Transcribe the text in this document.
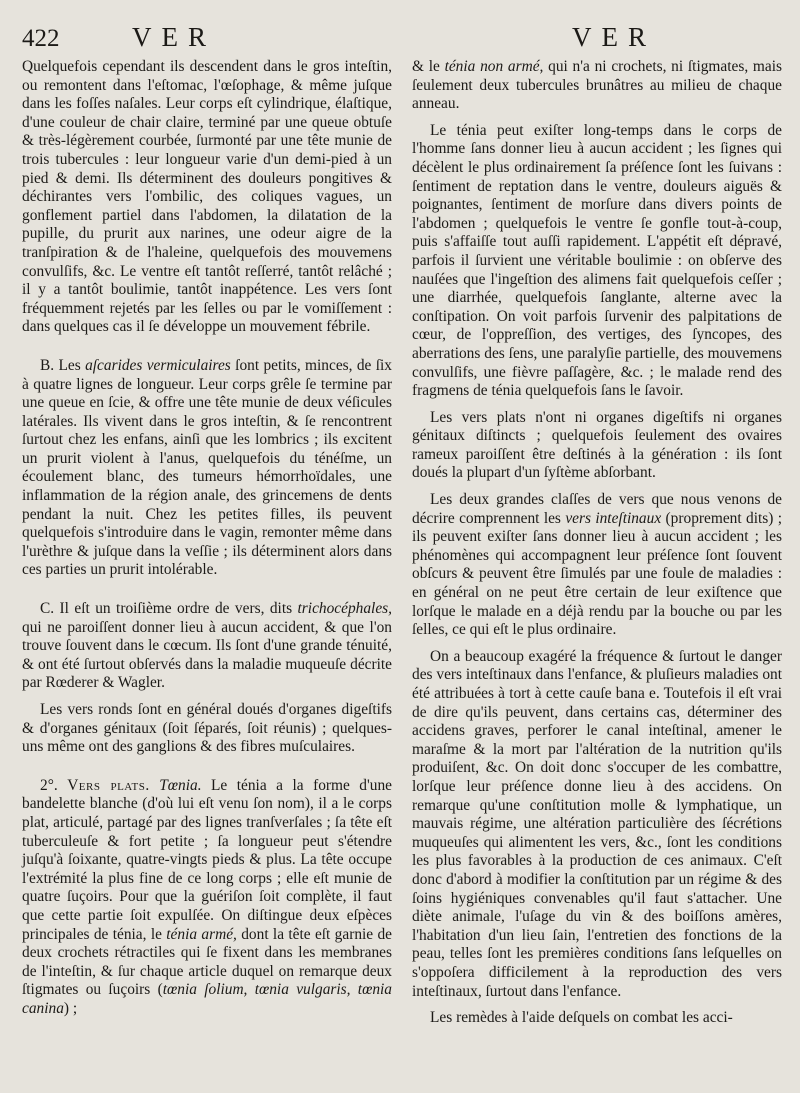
422	VER	VER

Quelquefois cependant ils descendent dans le gros inteſtin, ou remontent dans l'eſtomac, l'œſophage, & même juſque dans les foſſes naſales. Leur corps eſt cylindrique, élaſtique, d'une couleur de chair claire, terminé par une queue obtuſe & très-légèrement courbée, ſurmonté par une tête munie de trois tubercules : leur longueur varie d'un demi-pied à un pied & demi. Ils déterminent des douleurs pongitives & déchirantes vers l'ombilic, des coliques vagues, un gonflement partiel dans l'abdomen, la dilatation de la pupille, du prurit aux narines, une odeur aigre de la tranſpiration & de l'haleine, quelquefois des mouvemens convulſifs, &c. Le ventre eſt tantôt reſſerré, tantôt relâché ; il y a tantôt boulimie, tantôt inappétence. Les vers ſont fréquemment rejetés par les ſelles ou par le vomiſſement : dans quelques cas il ſe développe un mouvement fébrile.

B. Les aſcarides vermiculaires ſont petits, minces, de ſix à quatre lignes de longueur. Leur corps grêle ſe termine par une queue en ſcie, & offre une tête munie de deux véſicules latérales. Ils vivent dans le gros inteſtin, & ſe rencontrent ſurtout chez les enfans, ainſi que les lombrics ; ils excitent un prurit violent à l'anus, quelquefois du ténéſme, un écoulement blanc, des tumeurs hémorrhoïdales, une inflammation de la région anale, des grincemens de dents pendant la nuit. Chez les petites filles, ils peuvent quelquefois s'introduire dans le vagin, remonter même dans l'urèthre & juſque dans la veſſie ; ils déterminent alors dans ces parties un prurit intolérable.

C. Il eſt un troiſième ordre de vers, dits trichocéphales, qui ne paroiſſent donner lieu à aucun accident, & que l'on trouve ſouvent dans le cœcum. Ils ſont d'une grande ténuité, & ont été ſurtout obſervés dans la maladie muqueuſe décrite par Rœderer & Wagler.

Les vers ronds ſont en général doués d'organes digeſtifs & d'organes génitaux (ſoit ſéparés, ſoit réunis) ; quelques-uns même ont des ganglions & des fibres muſculaires.

2°. Vers plats. Tœnia. Le ténia a la forme d'une bandelette blanche (d'où lui eſt venu ſon nom), il a le corps plat, articulé, partagé par des lignes tranſverſales ; ſa tête eſt tuberculeuſe & fort petite ; ſa longueur peut s'étendre juſqu'à ſoixante, quatre-vingts pieds & plus. La tête occupe l'extrémité la plus fine de ce long corps ; elle eſt munie de quatre ſuçoirs. Pour que la guériſon ſoit complète, il faut que cette partie ſoit expulſée. On diſtingue deux eſpèces principales de ténia, le ténia armé, dont la tête eſt garnie de deux crochets rétractiles qui ſe fixent dans les membranes de l'inteſtin, & ſur chaque article duquel on remarque deux ſtigmates ou ſuçoirs (tœnia ſolium, tœnia vulgaris, tœnia canina) ;

& le ténia non armé, qui n'a ni crochets, ni ſtigmates, mais ſeulement deux tubercules brunâtres au milieu de chaque anneau.

Le ténia peut exiſter long-temps dans le corps de l'homme ſans donner lieu à aucun accident ; les ſignes qui décèlent le plus ordinairement ſa préſence ſont les ſuivans : ſentiment de reptation dans le ventre, douleurs aiguës & poignantes, ſentiment de morſure dans divers points de l'abdomen ; quelquefois le ventre ſe gonfle tout-à-coup, puis s'affaiſſe tout auſſi rapidement. L'appétit eſt dépravé, parfois il ſurvient une véritable boulimie : on obſerve des nauſées que l'ingeſtion des alimens fait quelquefois ceſſer ; une diarrhée, quelquefois ſanglante, alterne avec la conſtipation. On voit parfois ſurvenir des palpitations de cœur, de l'oppreſſion, des vertiges, des ſyncopes, des aberrations des ſens, une paralyſie partielle, des mouvemens convulſifs, une fièvre paſſagère, &c. ; le malade rend des fragmens de ténia quelquefois ſans le ſavoir.

Les vers plats n'ont ni organes digeſtifs ni organes génitaux diſtincts ; quelquefois ſeulement des ovaires rameux paroiſſent être deſtinés à la génération : ils ſont doués la plupart d'un ſyſtème abſorbant.

Les deux grandes claſſes de vers que nous venons de décrire comprennent les vers inteſtinaux (proprement dits) ; ils peuvent exiſter ſans donner lieu à aucun accident ; les phénomènes qui accompagnent leur préſence ſont ſouvent obſcurs & peuvent être ſimulés par une foule de maladies : en général on ne peut être certain de leur exiſtence que lorſque le malade en a déjà rendu par la bouche ou par les ſelles, ce qui eſt le plus ordinaire.

On a beaucoup exagéré la fréquence & ſurtout le danger des vers inteſtinaux dans l'enfance, & pluſieurs maladies ont été attribuées à tort à cette cauſe bana e. Toutefois il eſt vrai de dire qu'ils peuvent, dans certains cas, déterminer des accidens graves, perforer le canal inteſtinal, amener le maraſme & la mort par l'altération de la nutrition qu'ils produiſent, &c. On doit donc s'occuper de les combattre, lorſque leur préſence donne lieu à des accidens. On remarque qu'une conſtitution molle & lymphatique, un mauvais régime, une altération particulière des ſécrétions muqueuſes qui alimentent les vers, &c., ſont les conditions les plus favorables à la production de ces animaux. C'eſt donc d'abord à modifier la conſtitution par un régime & des ſoins hygiéniques convenables qu'il faut s'attacher. Une diète animale, l'uſage du vin & des boiſſons amères, l'habitation d'un lieu ſain, l'entretien des fonctions de la peau, telles ſont les premières conditions ſans leſquelles on s'oppoſera difficilement à la reproduction des vers inteſtinaux, ſurtout dans l'enfance.

Les remèdes à l'aide deſquels on combat les acci-
